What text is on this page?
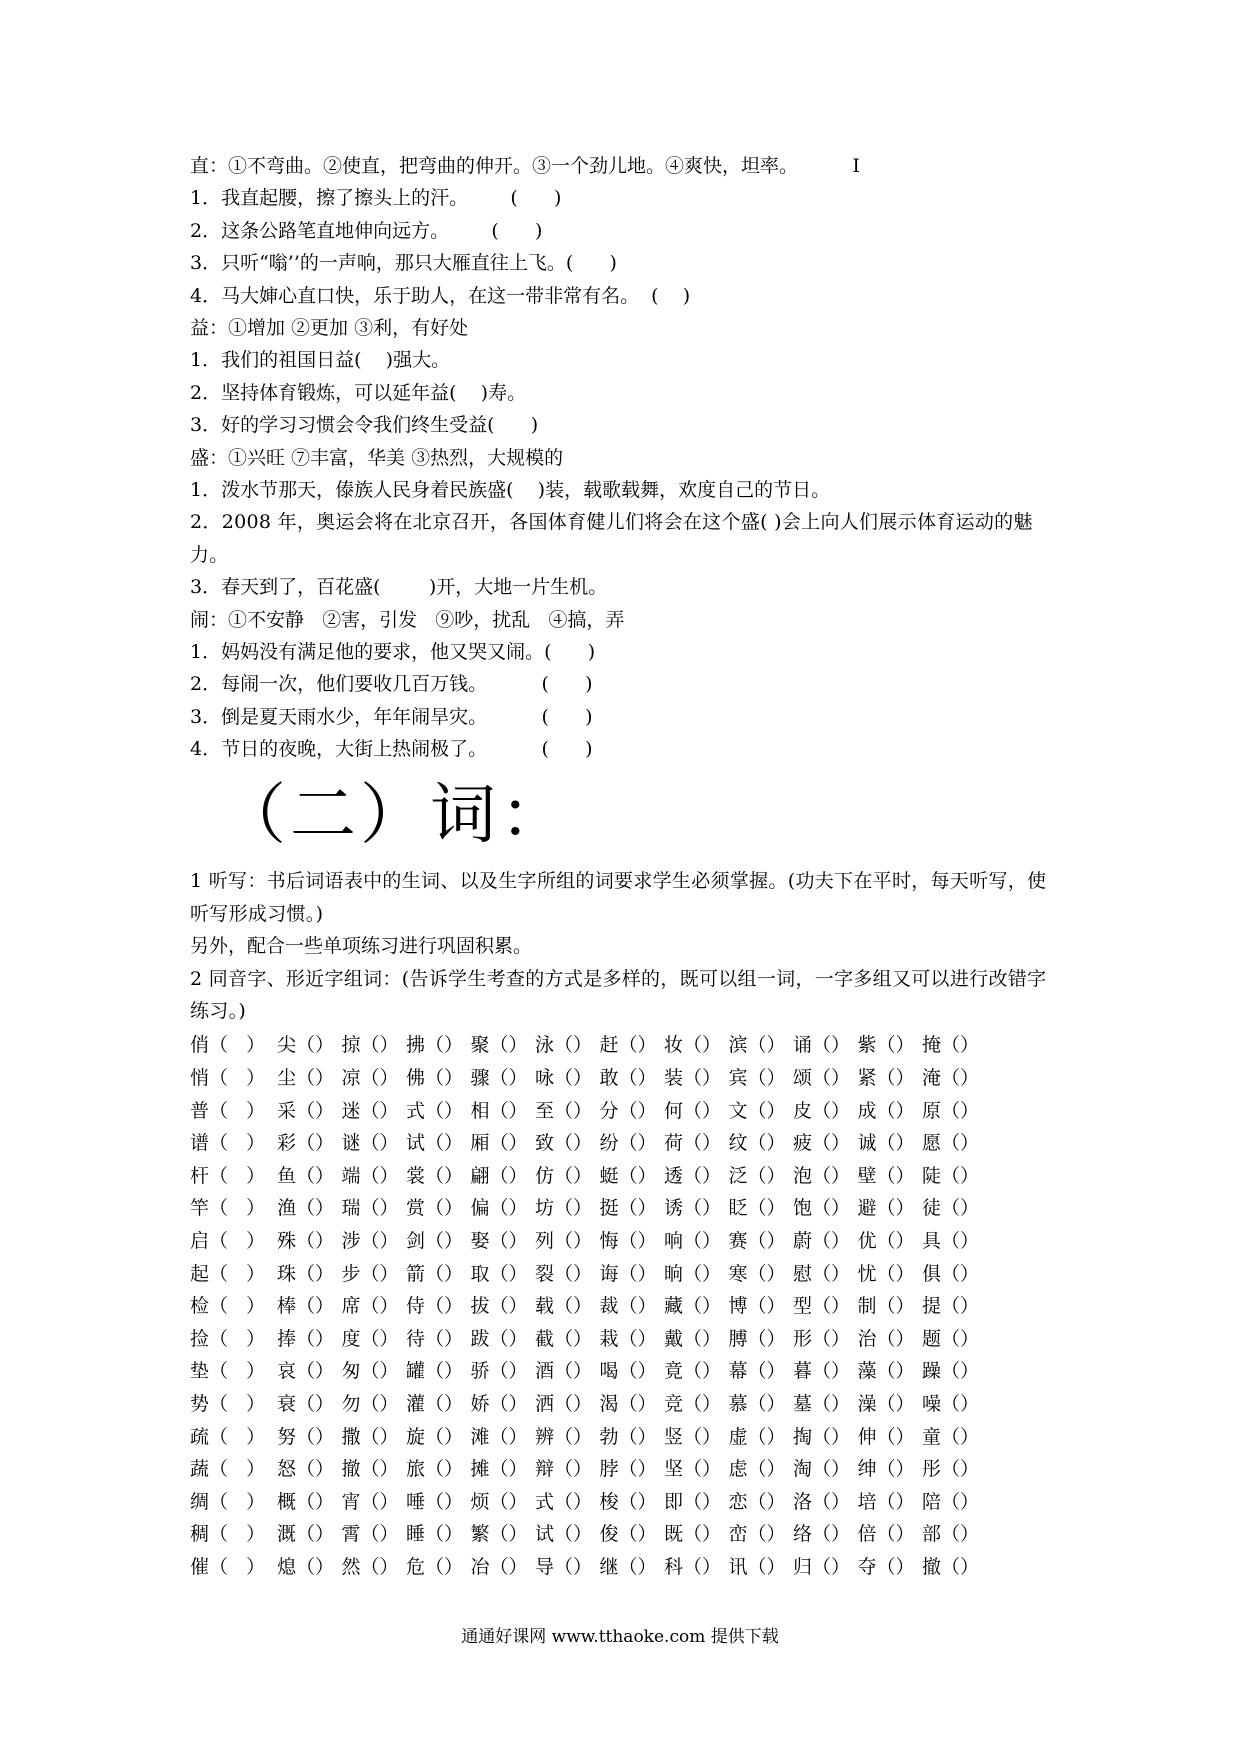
直：①不弯曲。②使直，把弯曲的伸开。③一个劲儿地。④爽快，坦率。         I
1．我直起腰，擦了擦头上的汗。       (      )
2．这条公路笔直地伸向远方。       (      )
3．只听“嗡’’的一声响，那只大雁直往上飞。(      )
4．马大婶心直口快，乐于助人，在这一带非常有名。  (    )
益：①增加 ②更加 ③利，有好处
1．我们的祖国日益(    )强大。
2．坚持体育锻炼，可以延年益(    )寿。
3．好的学习习惯会令我们终生受益(      )
盛：①兴旺 ⑦丰富，华美 ③热烈，大规模的
1．泼水节那天，傣族人民身着民族盛(    )装，载歌载舞，欢度自己的节日。
2．2008 年，奥运会将在北京召开，各国体育健儿们将会在这个盛( )会上向人们展示体育运动的魅力。
3．春天到了，百花盛(        )开，大地一片生机。
闹：①不安静   ②害，引发   ⑨吵，扰乱   ④搞，弄
1．妈妈没有满足他的要求，他又哭又闹。(      )
2．每闹一次，他们要收几百万钱。         (      )
3．倒是夏天雨水少，年年闹旱灾。         (      )
4．节日的夜晚，大街上热闹极了。         (      )
（二）词：
1 听写：书后词语表中的生词、以及生字所组的词要求学生必须掌握。(功夫下在平时，每天听写，使听写形成习惯。)
另外，配合一些单项练习进行巩固积累。
2 同音字、形近字组词：(告诉学生考查的方式是多样的，既可以组一词，一字多组又可以进行改错字练习。)
俏（   ） 尖（） 掠（） 拂（） 聚（） 泳（） 赶（） 妆（） 滨（） 诵（） 紫（） 掩（）
悄（   ） 尘（） 凉（） 佛（） 骤（） 咏（） 敢（） 装（） 宾（） 颂（） 紧（） 淹（）
普（   ） 采（） 迷（） 式（） 相（） 至（） 分（） 何（） 文（） 皮（） 成（） 原（）
谱（   ） 彩（） 谜（） 试（） 厢（） 致（） 纷（） 荷（） 纹（） 疲（） 诚（） 愿（）
杆（   ） 鱼（） 端（） 裳（） 翩（） 仿（） 蜓（） 透（） 泛（） 泡（） 壁（） 陡（）
竿（   ） 渔（） 瑞（） 赏（） 偏（） 坊（） 挺（） 诱（） 眨（） 饱（） 避（） 徒（）
启（   ） 殊（） 涉（） 剑（） 娶（） 列（） 悔（） 响（） 赛（） 蔚（） 优（） 具（）
起（   ） 珠（） 步（） 箭（） 取（） 裂（） 诲（） 晌（） 寒（） 慰（） 忧（） 俱（）
检（   ） 棒（） 席（） 侍（） 拔（） 载（） 裁（） 藏（） 博（） 型（） 制（） 提（）
捡（   ） 捧（） 度（） 待（） 跋（） 截（） 栽（） 戴（） 膊（） 形（） 治（） 题（）
垫（   ） 哀（） 匆（） 罐（） 骄（） 酒（） 喝（） 竟（） 幕（） 暮（） 藻（） 躁（）
势（   ） 衰（） 勿（） 灌（） 娇（） 洒（） 渴（） 竞（） 慕（） 墓（） 澡（） 噪（）
疏（   ） 努（） 撒（） 旋（） 滩（） 辨（） 勃（） 竖（） 虚（） 掏（） 伸（） 童（）
蔬（   ） 怒（） 撤（） 旅（） 摊（） 辩（） 脖（） 坚（） 虑（） 淘（） 绅（） 彤（）
绸（   ） 概（） 宵（） 唾（） 烦（） 式（） 梭（） 即（） 恋（） 洛（） 培（） 陪（）
稠（   ） 溉（） 霄（） 睡（） 繁（） 试（） 俊（） 既（） 峦（） 络（） 倍（） 部（）
催（   ） 熄（） 然（） 危（） 冶（） 导（） 继（） 科（） 讯（） 归（） 夺（） 撤（）
通通好课网 www.tthaoke.com 提供下载
